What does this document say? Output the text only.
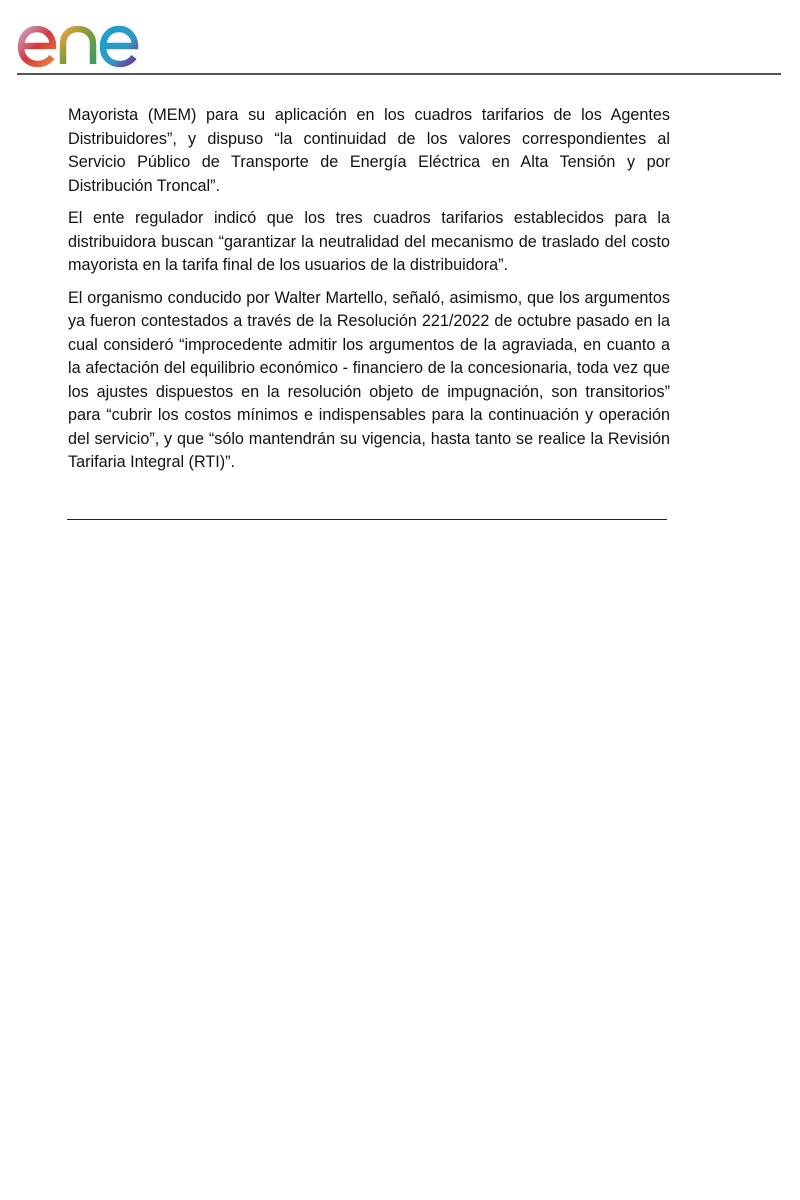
Mayorista (MEM) para su aplicación en los cuadros tarifarios de los Agentes Distribuidores”, y dispuso “la continuidad de los valores correspondientes al Servicio Público de Transporte de Energía Eléctrica en Alta Tensión y por Distribución Troncal”.

El ente regulador indicó que los tres cuadros tarifarios establecidos para la distribuidora buscan “garantizar la neutralidad del mecanismo de traslado del costo mayorista en la tarifa final de los usuarios de la distribuidora”.

El organismo conducido por Walter Martello, señaló, asimismo, que los argumentos ya fueron contestados a través de la Resolución 221/2022 de octubre pasado en la cual consideró “improcedente admitir los argumentos de la agraviada, en cuanto a la afectación del equilibrio económico - financiero de la concesionaria, toda vez que los ajustes dispuestos en la resolución objeto de impugnación, son transitorios” para “cubrir los costos mínimos e indispensables para la continuación y operación del servicio”, y que “sólo mantendrán su vigencia, hasta tanto se realice la Revisión Tarifaria Integral (RTI)”.
